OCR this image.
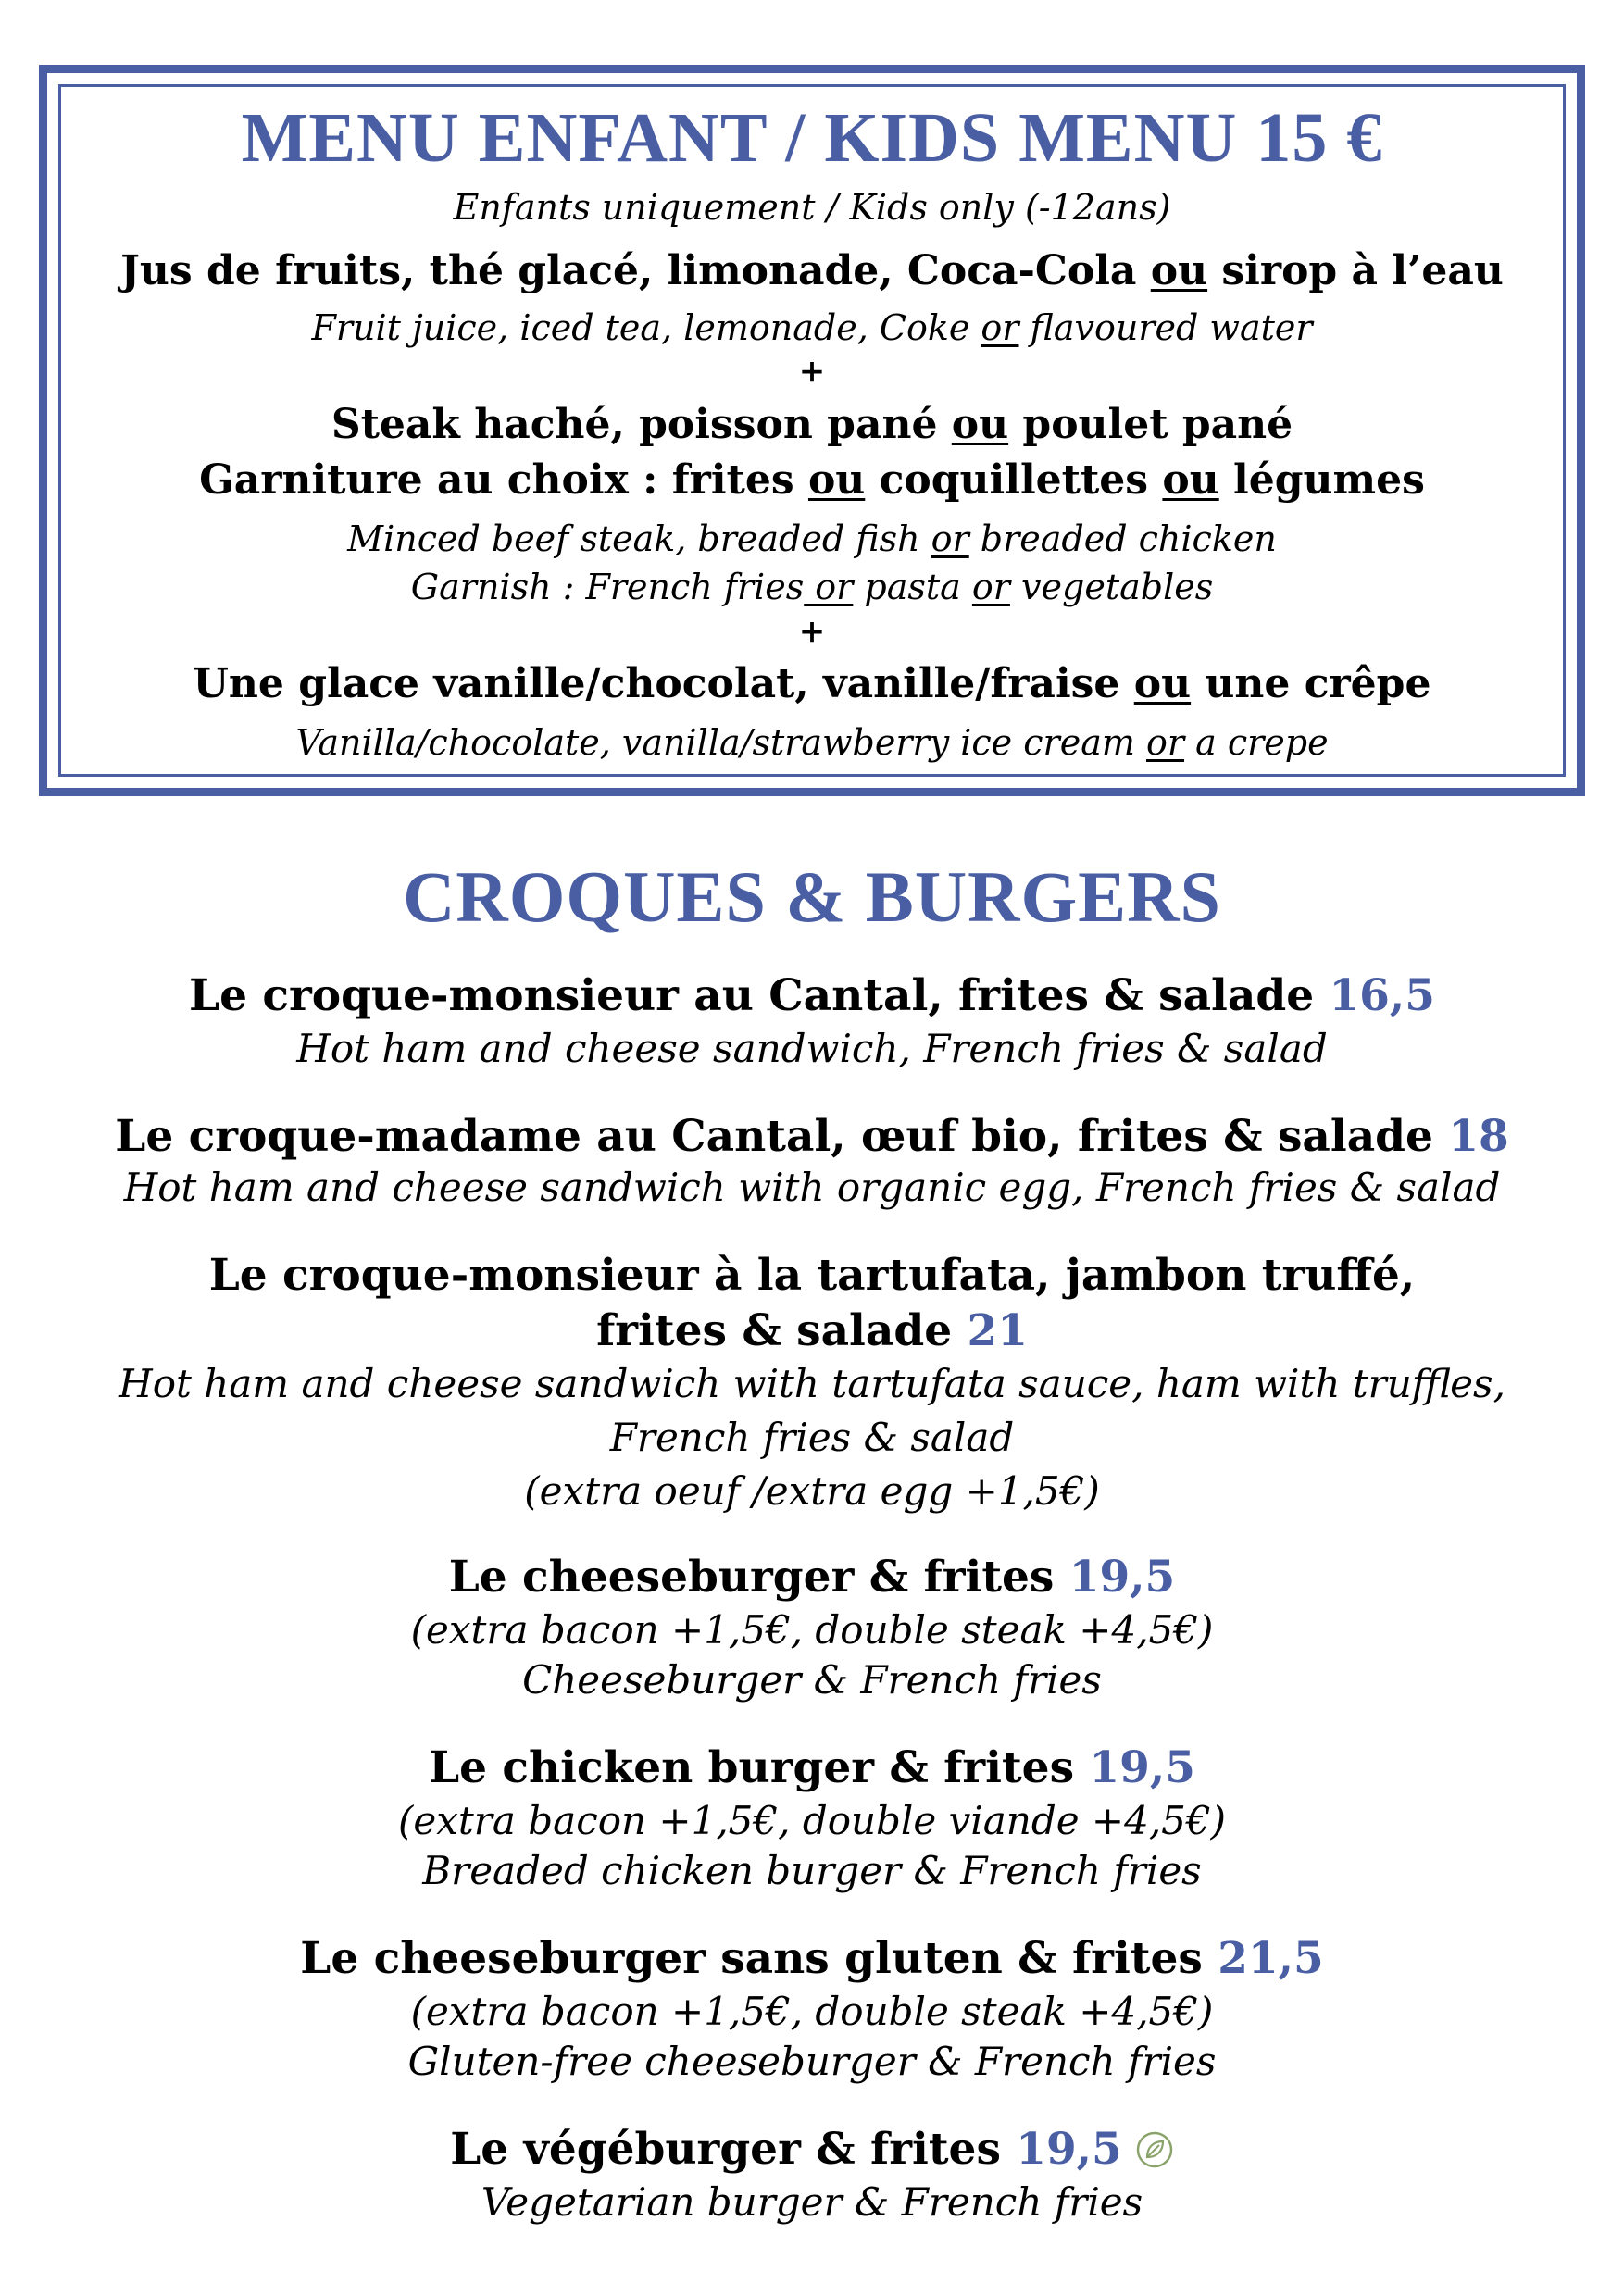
MENU ENFANT / KIDS MENU 15 €
Enfants uniquement / Kids only (-12ans)
Jus de fruits, thé glacé, limonade, Coca-Cola ou sirop à l’eau
Fruit juice, iced tea, lemonade, Coke or flavoured water
+
Steak haché, poisson pané ou poulet pané
Garniture au choix : frites ou coquillettes ou légumes
Minced beef steak, breaded fish or breaded chicken
Garnish : French fries or pasta or vegetables
+
Une glace vanille/chocolat, vanille/fraise ou une crêpe
Vanilla/chocolate, vanilla/strawberry ice cream or a crepe
CROQUES & BURGERS
Le croque-monsieur au Cantal, frites & salade 16,5
Hot ham and cheese sandwich, French fries & salad
Le croque-madame au Cantal, œuf bio, frites & salade 18
Hot ham and cheese sandwich with organic egg, French fries & salad
Le croque-monsieur à la tartufata, jambon truffé,
frites & salade 21
Hot ham and cheese sandwich with tartufata sauce, ham with truffles,
French fries & salad
(extra oeuf /extra egg +1,5€)
Le cheeseburger & frites 19,5
(extra bacon +1,5€, double steak +4,5€)
Cheeseburger & French fries
Le chicken burger & frites 19,5
(extra bacon +1,5€, double viande +4,5€)
Breaded chicken burger & French fries
Le cheeseburger sans gluten & frites 21,5
(extra bacon +1,5€, double steak +4,5€)
Gluten-free cheeseburger & French fries
Le végéburger & frites 19,5
Vegetarian burger & French fries
